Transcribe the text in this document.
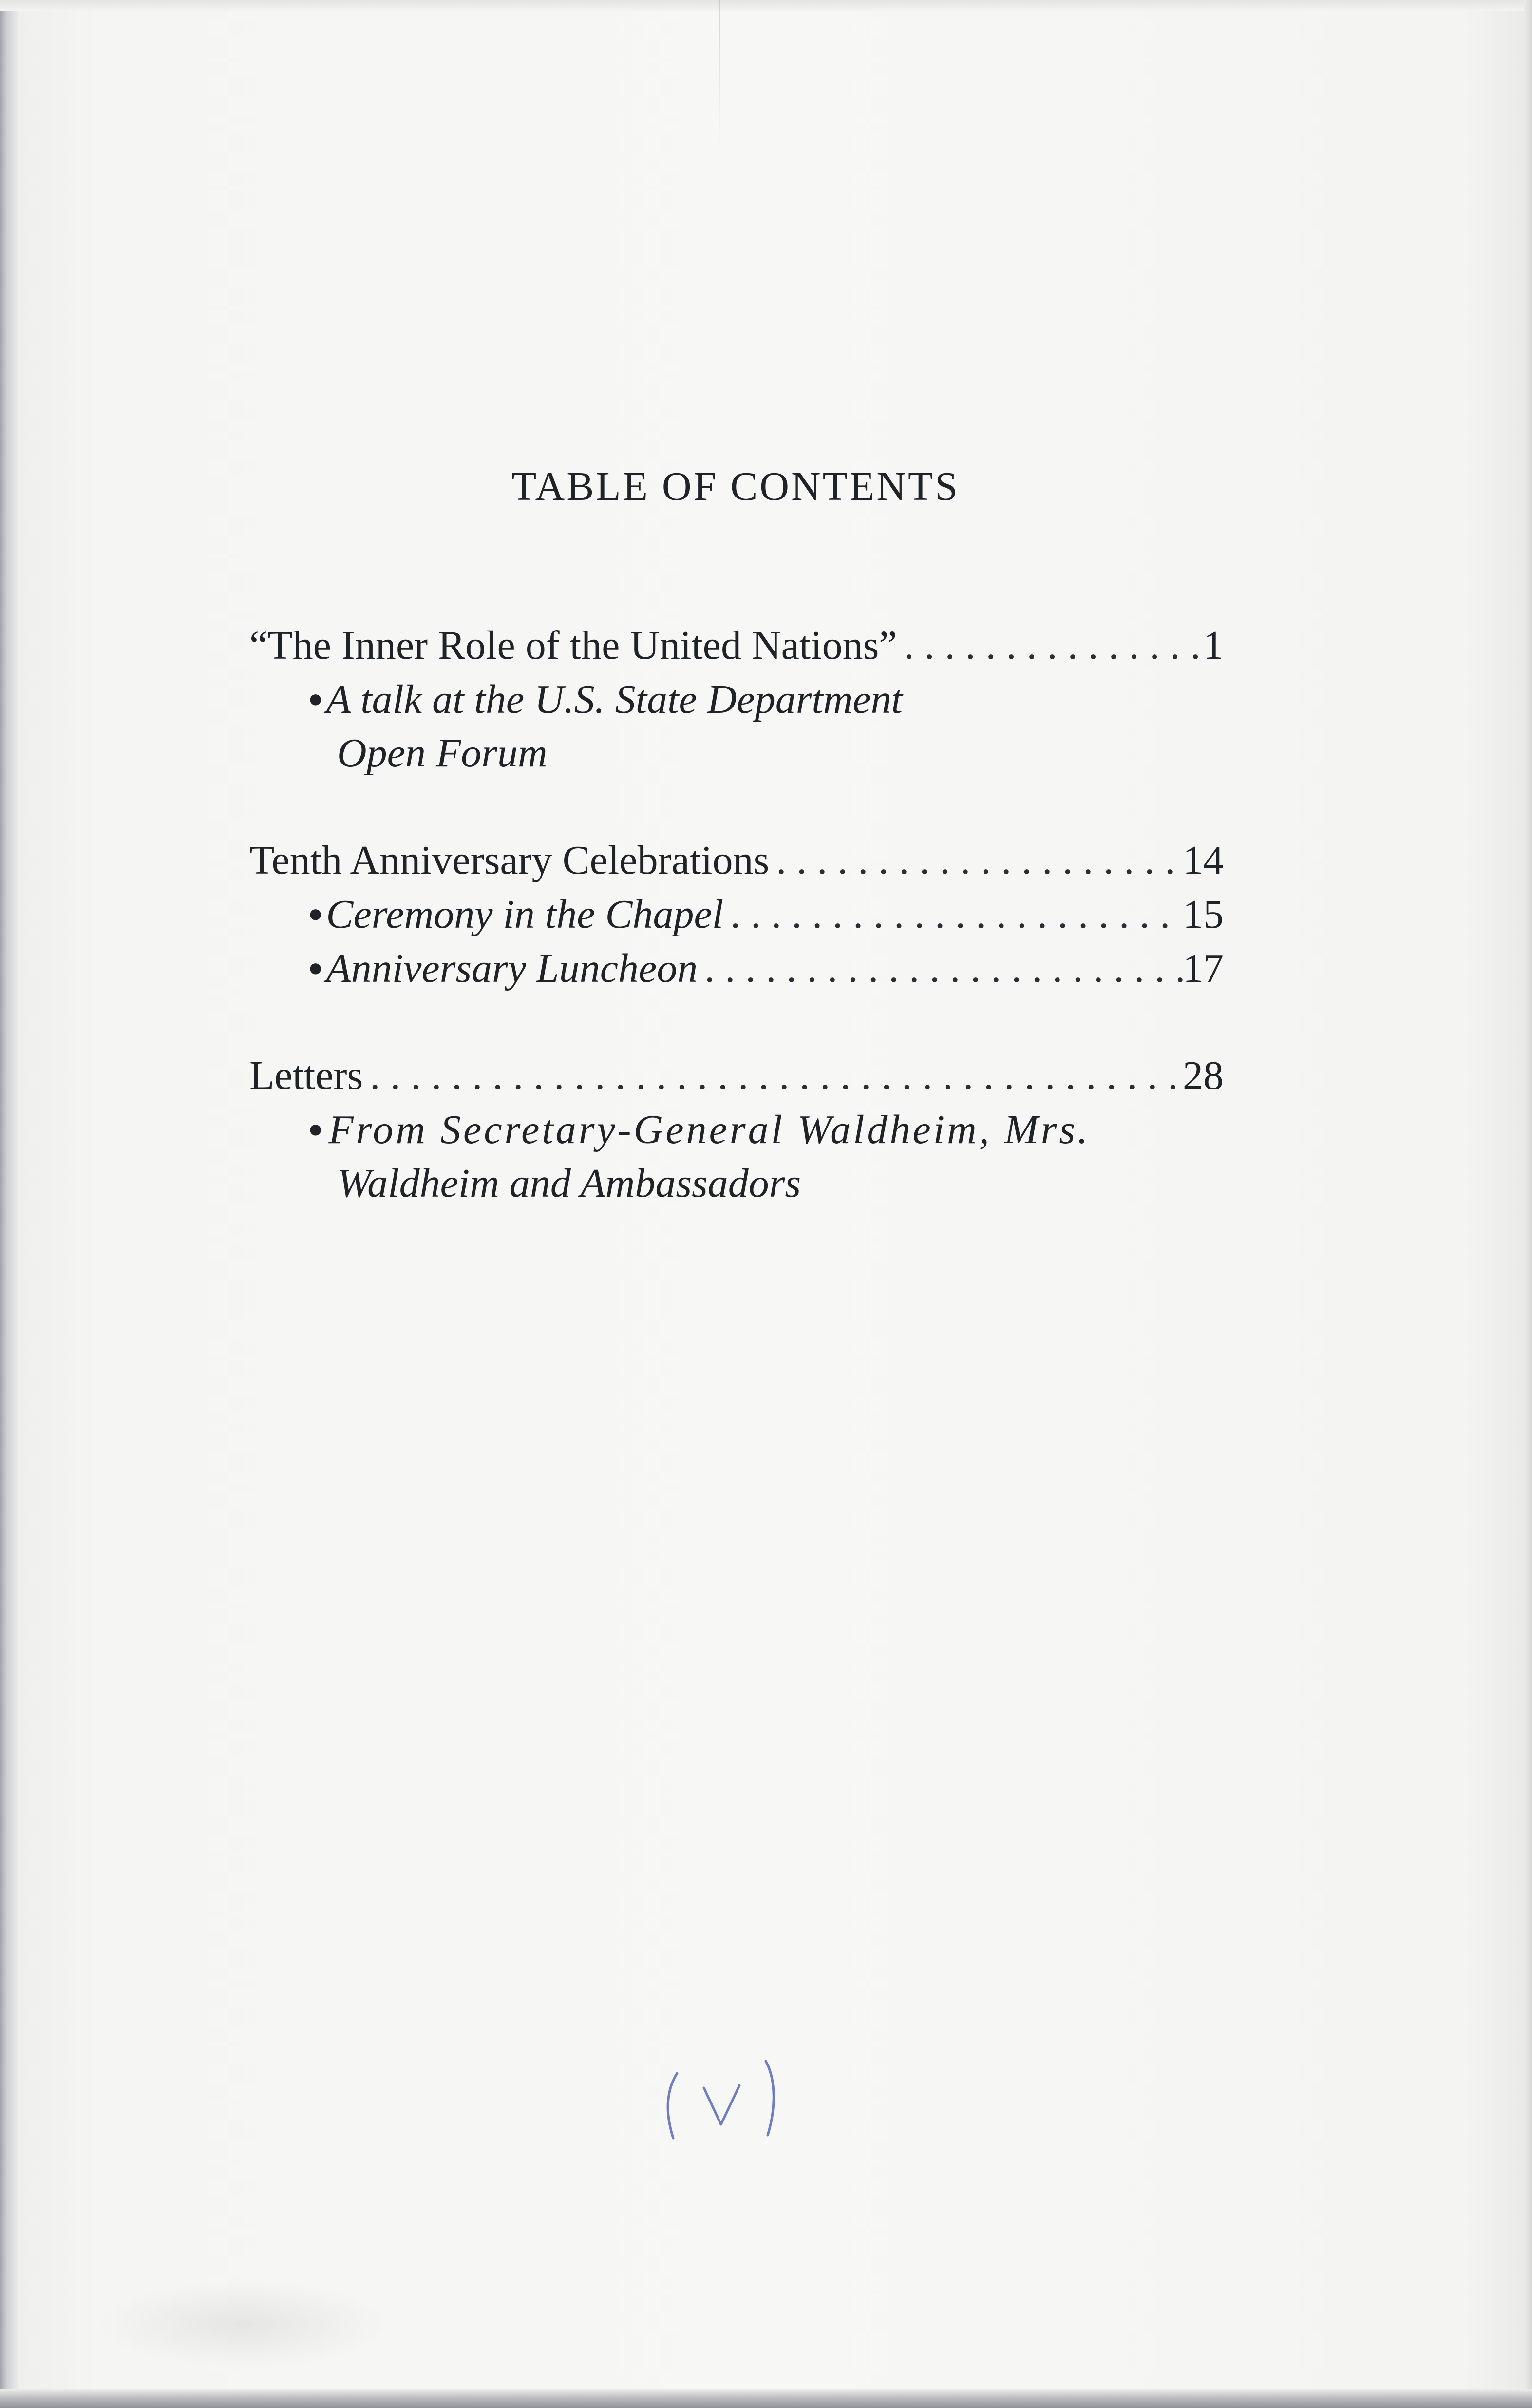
TABLE OF CONTENTS
“The Inner Role of the United Nations” . . .	1
●A talk at the U.S. State Department
Open Forum
Tenth Anniversary Celebrations . . .	14
●Ceremony in the Chapel . . .	15
●Anniversary Luncheon . . .	17
Letters . . .	28
●From Secretary-General Waldheim, Mrs.
Waldheim and Ambassadors
